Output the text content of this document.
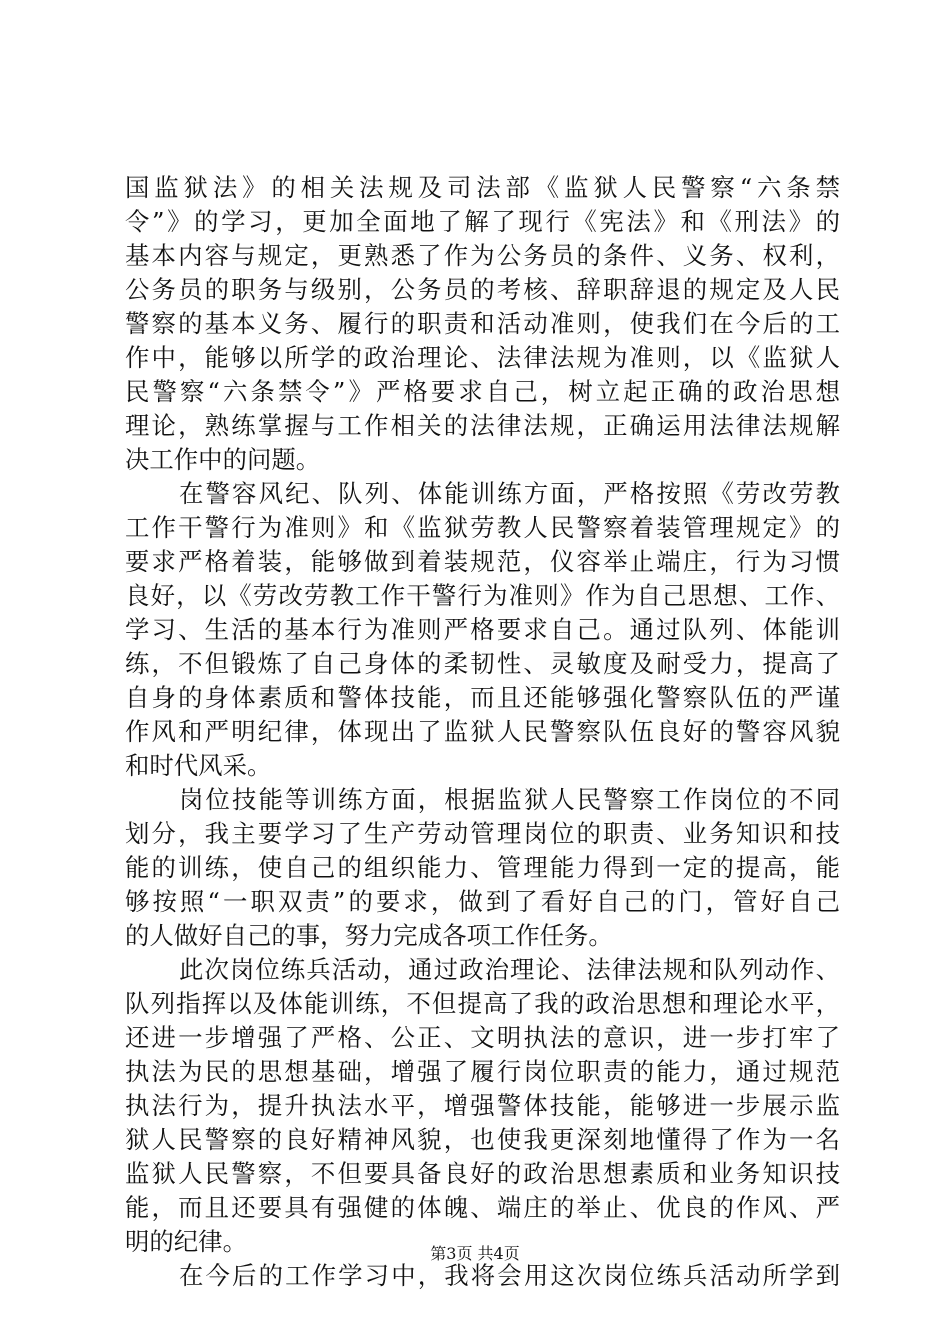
国监狱法》的相关法规及司法部《监狱人民警察“六条禁
令”》的学习，更加全面地了解了现行《宪法》和《刑法》的
基本内容与规定，更熟悉了作为公务员的条件、义务、权利，
公务员的职务与级别，公务员的考核、辞职辞退的规定及人民
警察的基本义务、履行的职责和活动准则，使我们在今后的工
作中，能够以所学的政治理论、法律法规为准则，以《监狱人
民警察“六条禁令”》严格要求自己，树立起正确的政治思想
理论，熟练掌握与工作相关的法律法规，正确运用法律法规解
决工作中的问题。
在警容风纪、队列、体能训练方面，严格按照《劳改劳教
工作干警行为准则》和《监狱劳教人民警察着装管理规定》的
要求严格着装，能够做到着装规范，仪容举止端庄，行为习惯
良好，以《劳改劳教工作干警行为准则》作为自己思想、工作、
学习、生活的基本行为准则严格要求自己。通过队列、体能训
练，不但锻炼了自己身体的柔韧性、灵敏度及耐受力，提高了
自身的身体素质和警体技能，而且还能够强化警察队伍的严谨
作风和严明纪律，体现出了监狱人民警察队伍良好的警容风貌
和时代风采。
岗位技能等训练方面，根据监狱人民警察工作岗位的不同
划分，我主要学习了生产劳动管理岗位的职责、业务知识和技
能的训练，使自己的组织能力、管理能力得到一定的提高，能
够按照“一职双责”的要求，做到了看好自己的门，管好自己
的人做好自己的事，努力完成各项工作任务。
此次岗位练兵活动，通过政治理论、法律法规和队列动作、
队列指挥以及体能训练，不但提高了我的政治思想和理论水平，
还进一步增强了严格、公正、文明执法的意识，进一步打牢了
执法为民的思想基础，增强了履行岗位职责的能力，通过规范
执法行为，提升执法水平，增强警体技能，能够进一步展示监
狱人民警察的良好精神风貌，也使我更深刻地懂得了作为一名
监狱人民警察，不但要具备良好的政治思想素质和业务知识技
能，而且还要具有强健的体魄、端庄的举止、优良的作风、严
明的纪律。
在今后的工作学习中，我将会用这次岗位练兵活动所学到
第3页 共4页
